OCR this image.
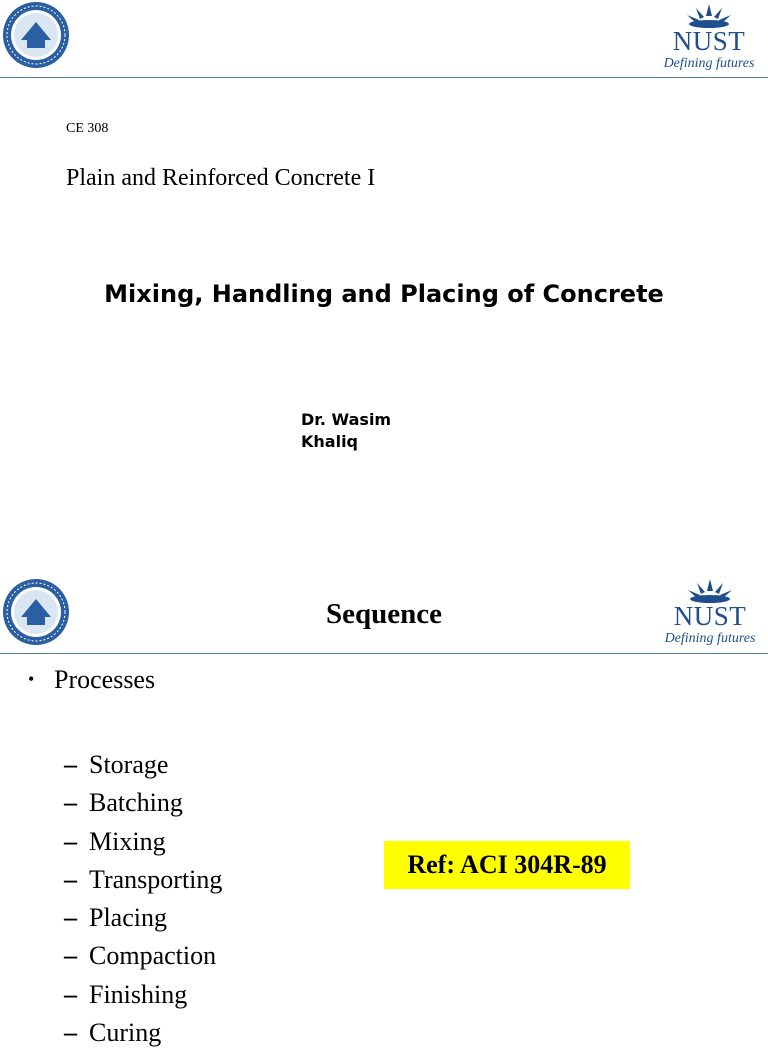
NUST
Defining futures
CE 308
Plain and Reinforced Concrete I
Mixing, Handling and Placing of Concrete
Dr. Wasim
Khaliq
NUST
Defining futures
Sequence
• Processes
– Storage
– Batching
– Mixing
– Transporting
– Placing
– Compaction
– Finishing
– Curing
Ref: ACI 304R-89
